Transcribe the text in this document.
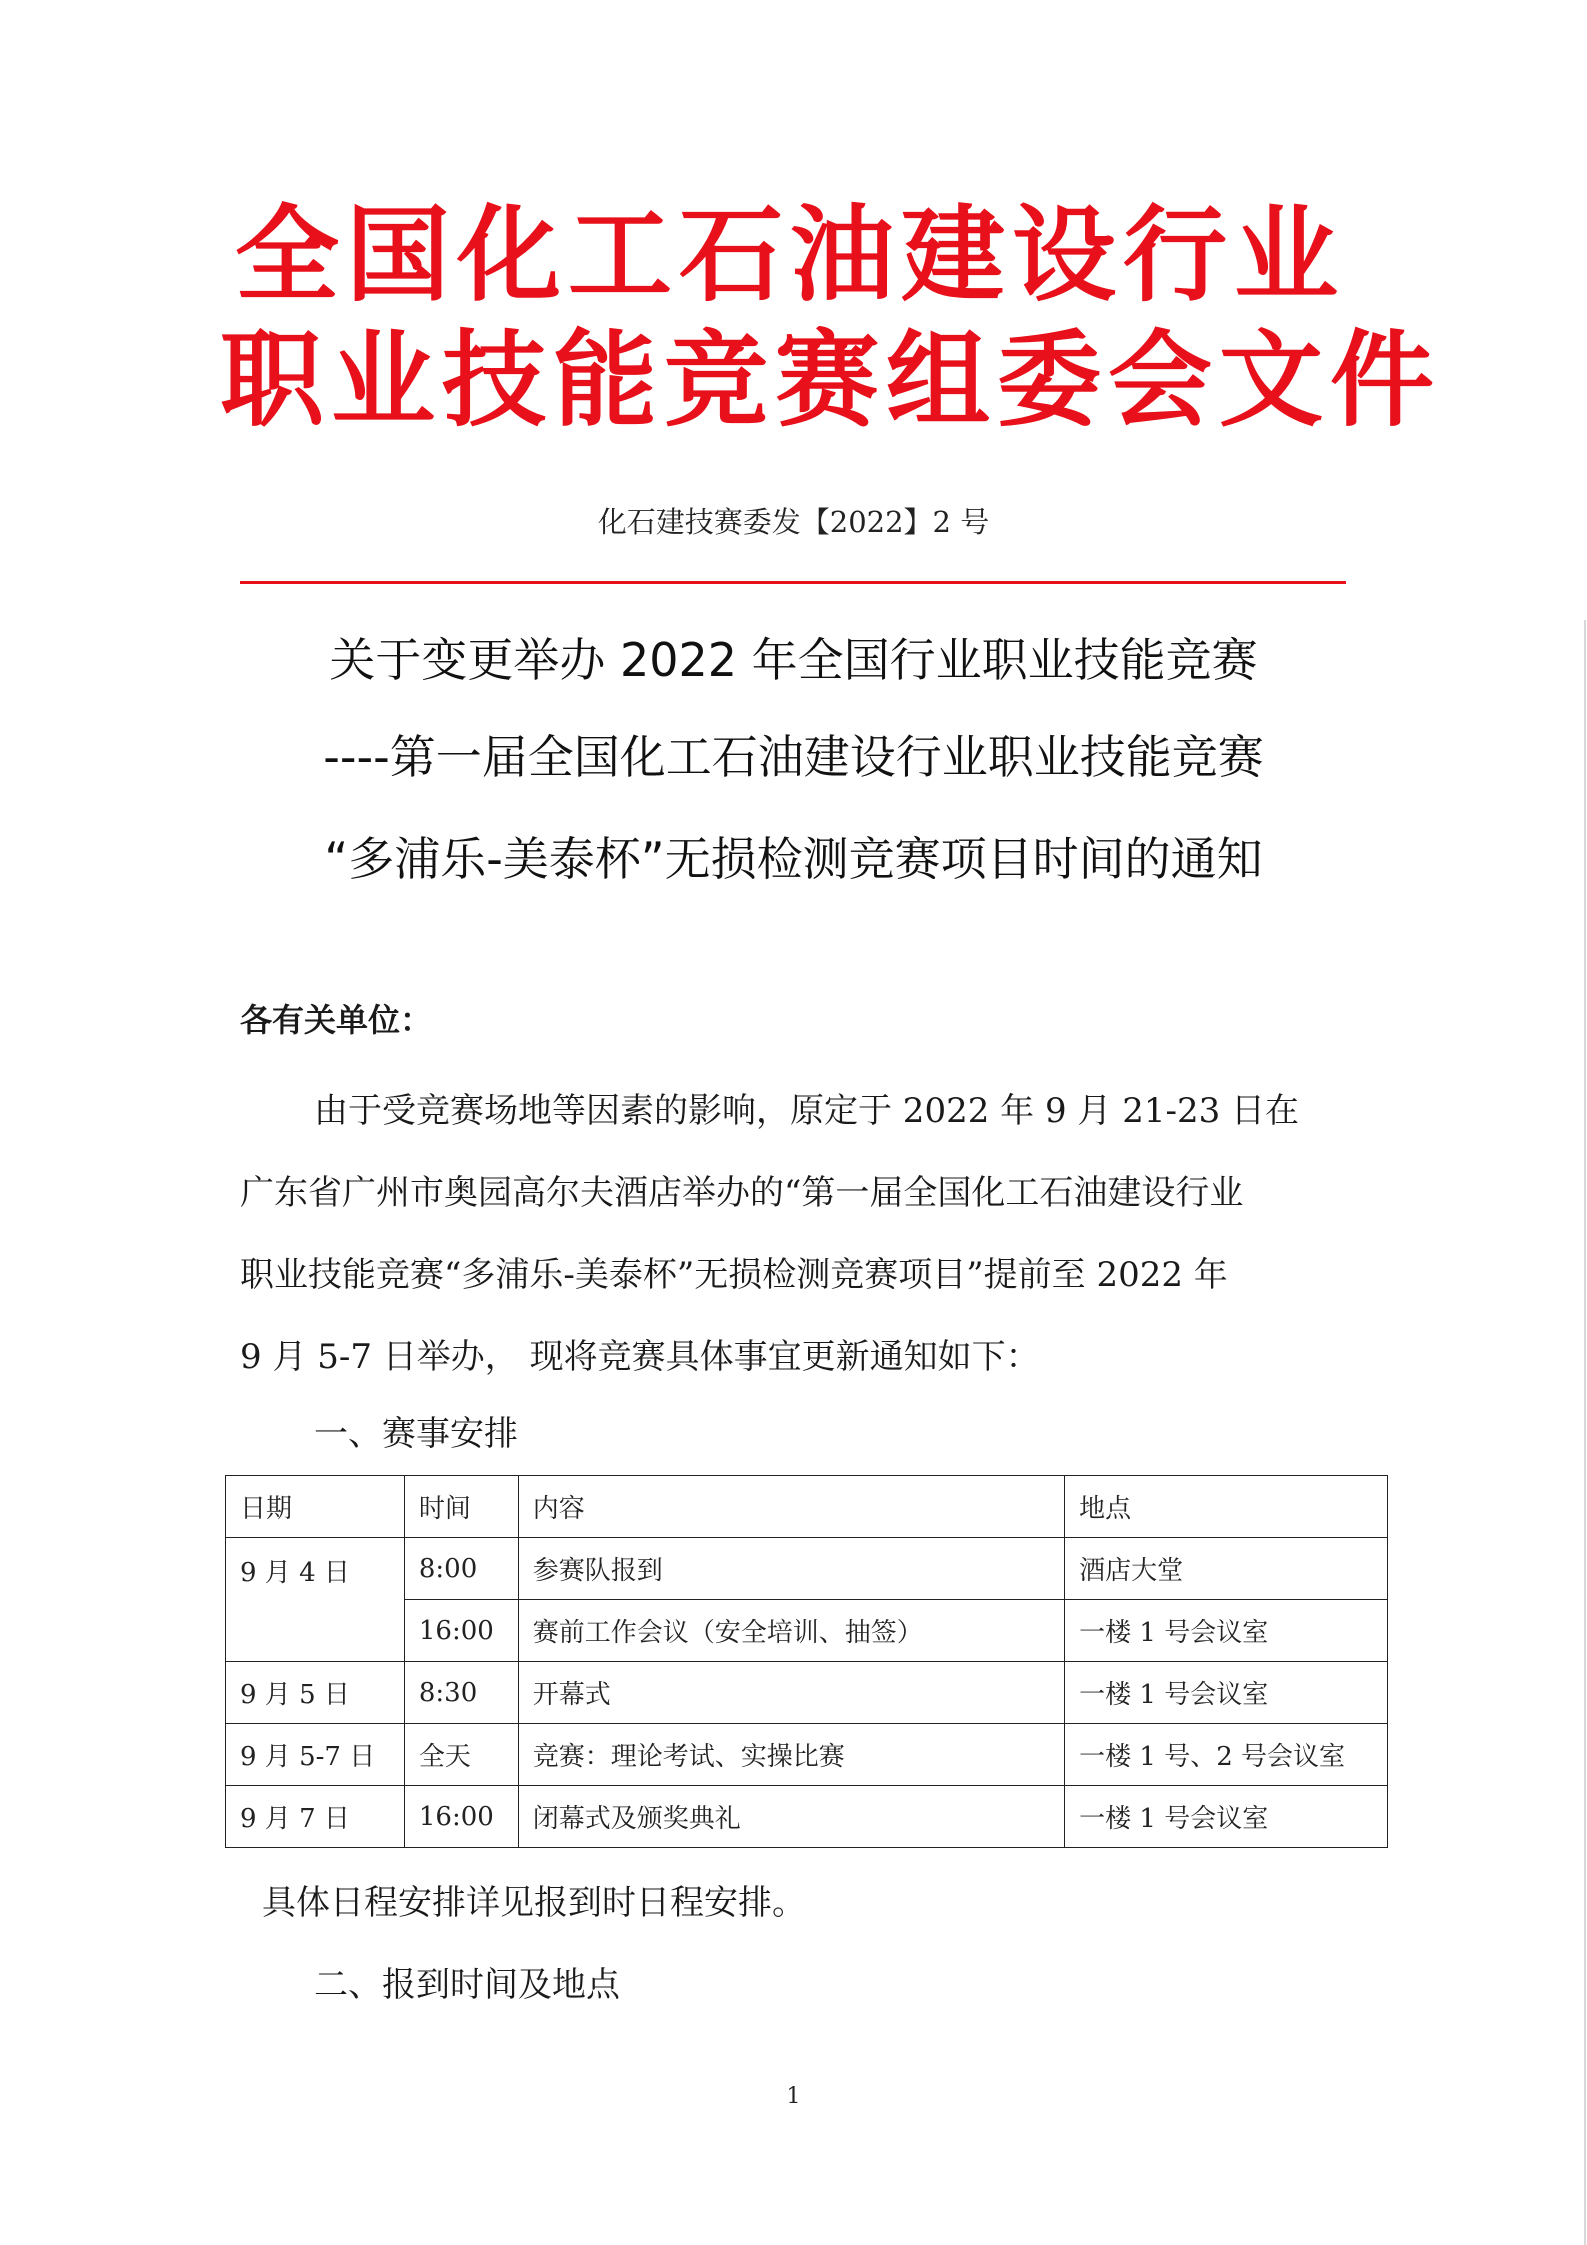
全国化工石油建设行业
职业技能竞赛组委会文件
化石建技赛委发【2022】2 号
关于变更举办 2022 年全国行业职业技能竞赛
----第一届全国化工石油建设行业职业技能竞赛
“多浦乐-美泰杯”无损检测竞赛项目时间的通知
各有关单位：
由于受竞赛场地等因素的影响，原定于 2022 年 9 月 21-23 日在
广东省广州市奥园高尔夫酒店举办的“第一届全国化工石油建设行业
职业技能竞赛“多浦乐-美泰杯”无损检测竞赛项目”提前至 2022 年
9 月 5-7 日举办， 现将竞赛具体事宜更新通知如下：
一、赛事安排
日期	时间	内容	地点
9 月 4 日	8:00	参赛队报到	酒店大堂
	16:00	赛前工作会议（安全培训、抽签）	一楼 1 号会议室
9 月 5 日	8:30	开幕式	一楼 1 号会议室
9 月 5-7 日	全天	竞赛：理论考试、实操比赛	一楼 1 号、2 号会议室
9 月 7 日	16:00	闭幕式及颁奖典礼	一楼 1 号会议室
具体日程安排详见报到时日程安排。
二、报到时间及地点
1
